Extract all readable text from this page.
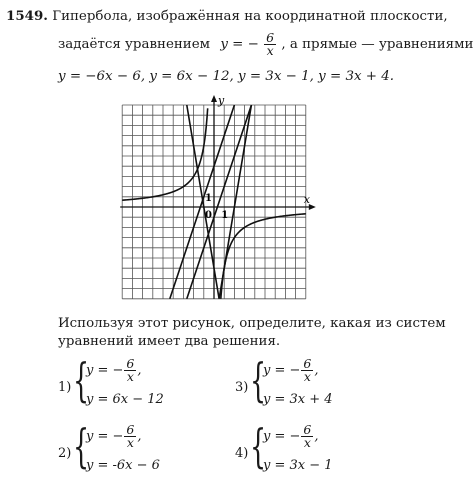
1549. Гипербола, изображённая на координатной плоскости,
задаётся уравнением y = − $\frac{6}{x}$ , а прямые — уравнениями
y = −6x − 6, y = 6x − 12, y = 3x − 1, y = 3x + 4.
x
y
0 1
1
Используя этот рисунок, определите, какая из систем
уравнений имеет два решения.
1) {
y = − $\frac{6}{x}$ ,
y = 6x − 12
2) {
y = − $\frac{6}{x}$ ,
y = -6x − 6
3) {
y = − $\frac{6}{x}$ ,
y = 3x + 4
4) {
y = − $\frac{6}{x}$ ,
y = 3x − 1
